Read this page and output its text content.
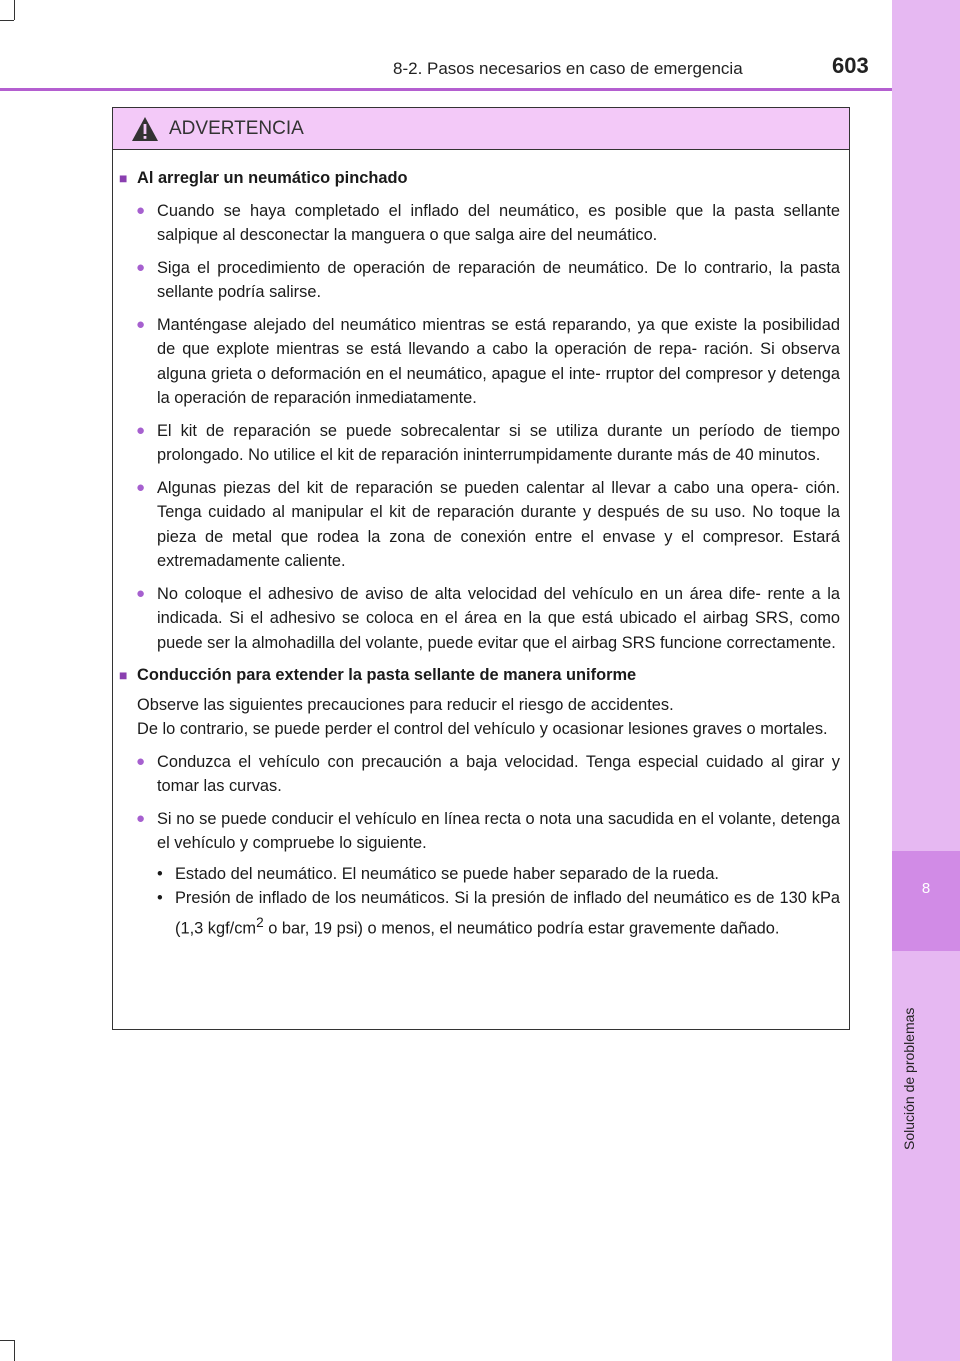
8
Solución de problemas
8-2. Pasos necesarios en caso de emergencia	603
ADVERTENCIA
■ Al arreglar un neumático pinchado
● Cuando se haya completado el inflado del neumático, es posible que la pasta sellante salpique al desconectar la manguera o que salga aire del neumático.
● Siga el procedimiento de operación de reparación de neumático. De lo contrario, la pasta sellante podría salirse.
● Manténgase alejado del neumático mientras se está reparando, ya que existe la posibilidad de que explote mientras se está llevando a cabo la operación de repa- ración. Si observa alguna grieta o deformación en el neumático, apague el inte- rruptor del compresor y detenga la operación de reparación inmediatamente.
● El kit de reparación se puede sobrecalentar si se utiliza durante un período de tiempo prolongado. No utilice el kit de reparación ininterrumpidamente durante más de 40 minutos.
● Algunas piezas del kit de reparación se pueden calentar al llevar a cabo una opera- ción. Tenga cuidado al manipular el kit de reparación durante y después de su uso. No toque la pieza de metal que rodea la zona de conexión entre el envase y el compresor. Estará extremadamente caliente.
● No coloque el adhesivo de aviso de alta velocidad del vehículo en un área dife- rente a la indicada. Si el adhesivo se coloca en el área en la que está ubicado el airbag SRS, como puede ser la almohadilla del volante, puede evitar que el airbag SRS funcione correctamente.
■ Conducción para extender la pasta sellante de manera uniforme
Observe las siguientes precauciones para reducir el riesgo de accidentes.
De lo contrario, se puede perder el control del vehículo y ocasionar lesiones graves o mortales.
● Conduzca el vehículo con precaución a baja velocidad. Tenga especial cuidado al girar y tomar las curvas.
● Si no se puede conducir el vehículo en línea recta o nota una sacudida en el volante, detenga el vehículo y compruebe lo siguiente.
• Estado del neumático. El neumático se puede haber separado de la rueda.
• Presión de inflado de los neumáticos. Si la presión de inflado del neumático es de 130 kPa (1,3 kgf/$cm^2$ o bar, 19 psi) o menos, el neumático podría estar gravemente dañado.
